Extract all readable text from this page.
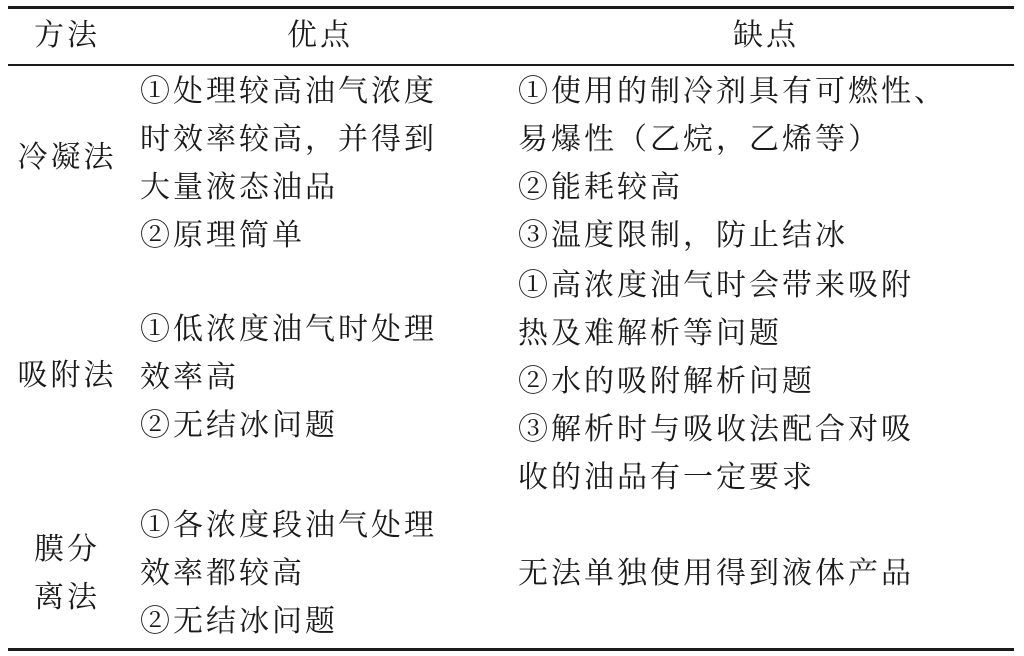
方法	优点	缺点
冷凝法
①处理较高油气浓度
时效率较高，并得到
大量液态油品
②原理简单
①使用的制冷剂具有可燃性、
易爆性（乙烷，乙烯等）
②能耗较高
③温度限制，防止结冰
吸附法
①低浓度油气时处理
效率高
②无结冰问题
①高浓度油气时会带来吸附
热及难解析等问题
②水的吸附解析问题
③解析时与吸收法配合对吸
收的油品有一定要求
膜分
离法
①各浓度段油气处理
效率都较高
②无结冰问题
无法单独使用得到液体产品
